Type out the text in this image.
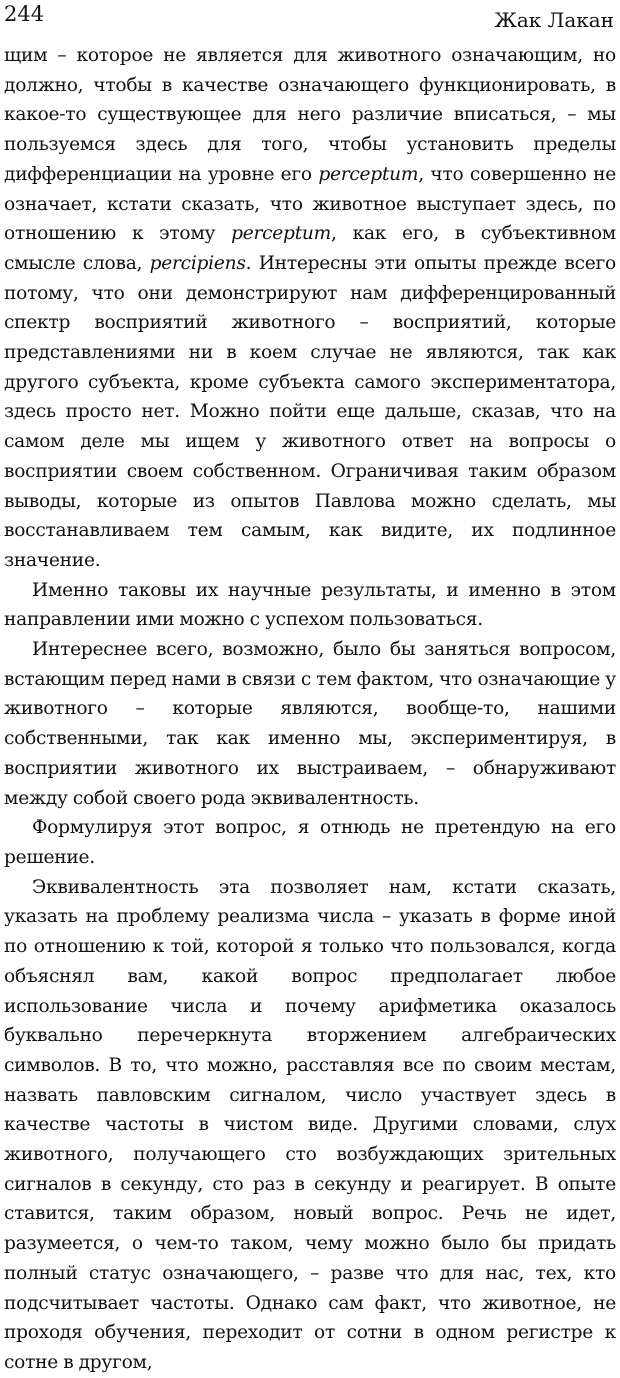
244	Жак Лакан

щим – которое не является для животного означающим, но должно, чтобы в качестве означающего функционировать, в какое-то существующее для него различие вписаться, – мы пользуемся здесь для того, чтобы установить пределы дифференциации на уровне его perceptum, что совершенно не означает, кстати сказать, что животное выступает здесь, по отношению к этому perceptum, как его, в субъективном смысле слова, percipiens. Интересны эти опыты прежде всего потому, что они демонстрируют нам дифференцированный спектр восприятий животного – восприятий, которые представлениями ни в коем случае не являются, так как другого субъекта, кроме субъекта самого экспериментатора, здесь просто нет. Можно пойти еще дальше, сказав, что на самом деле мы ищем у животного ответ на вопросы о восприятии своем собственном. Ограничивая таким образом выводы, которые из опытов Павлова можно сделать, мы восстанавливаем тем самым, как видите, их подлинное значение.

Именно таковы их научные результаты, и именно в этом направлении ими можно с успехом пользоваться.

Интереснее всего, возможно, было бы заняться вопросом, встающим перед нами в связи с тем фактом, что означающие у животного – которые являются, вообще-то, нашими собственными, так как именно мы, экспериментируя, в восприятии животного их выстраиваем, – обнаруживают между собой своего рода эквивалентность.

Формулируя этот вопрос, я отнюдь не претендую на его решение.

Эквивалентность эта позволяет нам, кстати сказать, указать на проблему реализма числа – указать в форме иной по отношению к той, которой я только что пользовался, когда объяснял вам, какой вопрос предполагает любое использование числа и почему арифметика оказалось буквально перечеркнута вторжением алгебраических символов. В то, что можно, расставляя все по своим местам, назвать павловским сигналом, число участвует здесь в качестве частоты в чистом виде. Другими словами, слух животного, получающего сто возбуждающих зрительных сигналов в секунду, сто раз в секунду и реагирует. В опыте ставится, таким образом, новый вопрос. Речь не идет, разумеется, о чем-то таком, чему можно было бы придать полный статус означающего, – разве что для нас, тех, кто подсчитывает частоты. Однако сам факт, что животное, не проходя обучения, переходит от сотни в одном регистре к сотне в другом,
